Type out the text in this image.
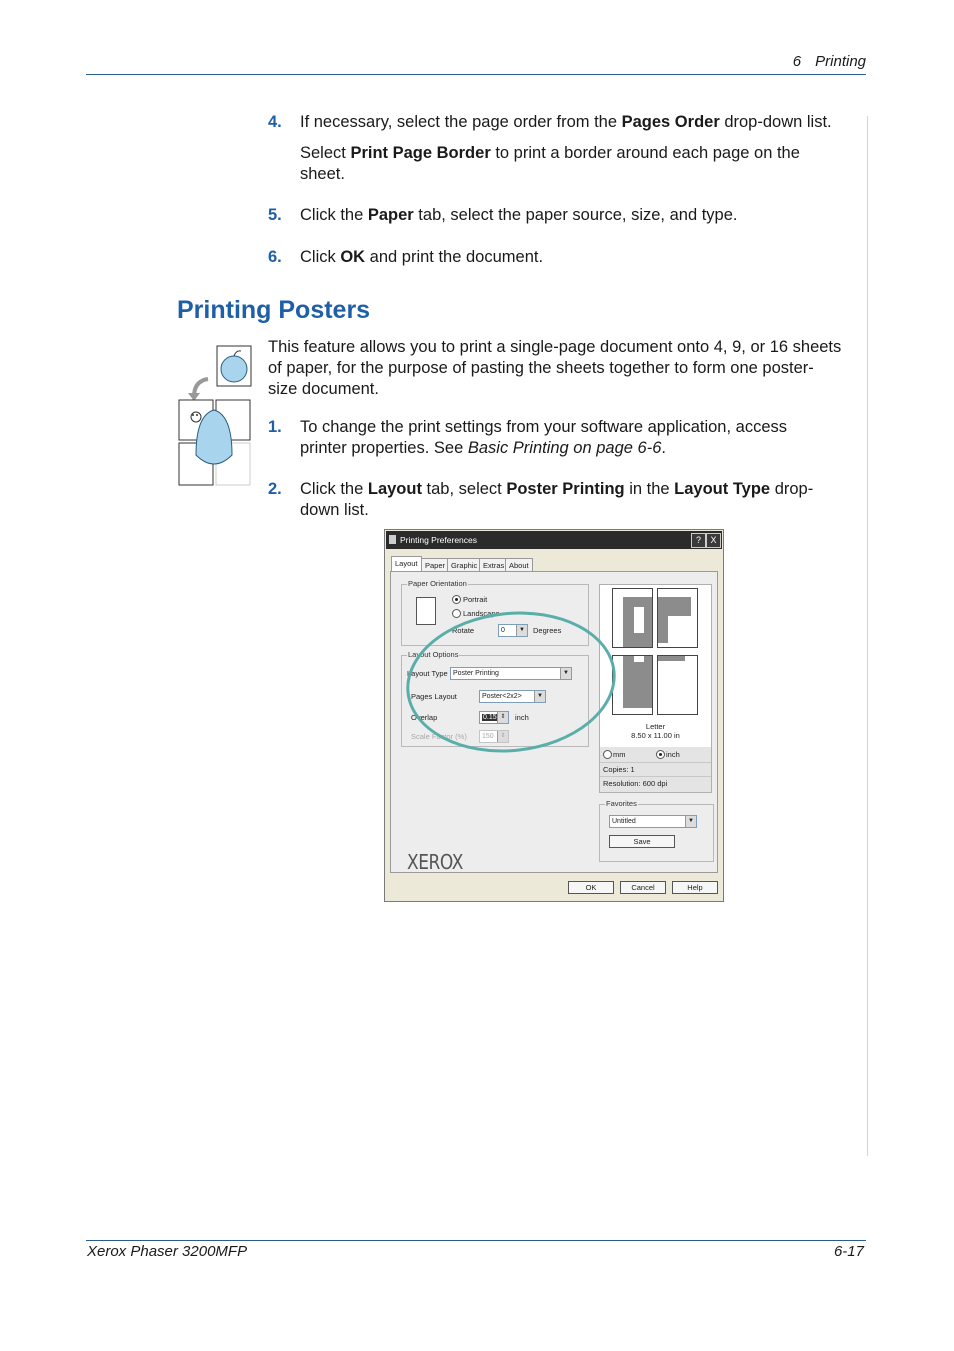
6 Printing
4. If necessary, select the page order from the Pages Order drop-down list.
Select Print Page Border to print a border around each page on the
sheet.
5. Click the Paper tab, select the paper source, size, and type.
6. Click OK and print the document.
Printing Posters
This feature allows you to print a single-page document onto 4, 9, or 16 sheets
of paper, for the purpose of pasting the sheets together to form one poster-
size document.
1. To change the print settings from your software application, access
printer properties. See Basic Printing on page 6-6.
2. Click the Layout tab, select Poster Printing in the Layout Type drop-
down list.
Printing Preferences	?	X
Layout Paper Graphic Extras About
Paper Orientation
Portrait
Landscape
Rotate	0	▼ Degrees
Layout Options
Layout Type Poster Printing	▼
Pages Layout	Poster<2x2>	▼
Overlap	0.15 ⇕	inch
Scale Factor (%)	150	⇕
Letter
8.50 x 11.00 in
mm	inch
Copies: 1
Resolution: 600 dpi
Favorites
Untitled	▼
Save
XEROX
OK	Cancel	Help
Xerox Phaser 3200MFP	6-17
